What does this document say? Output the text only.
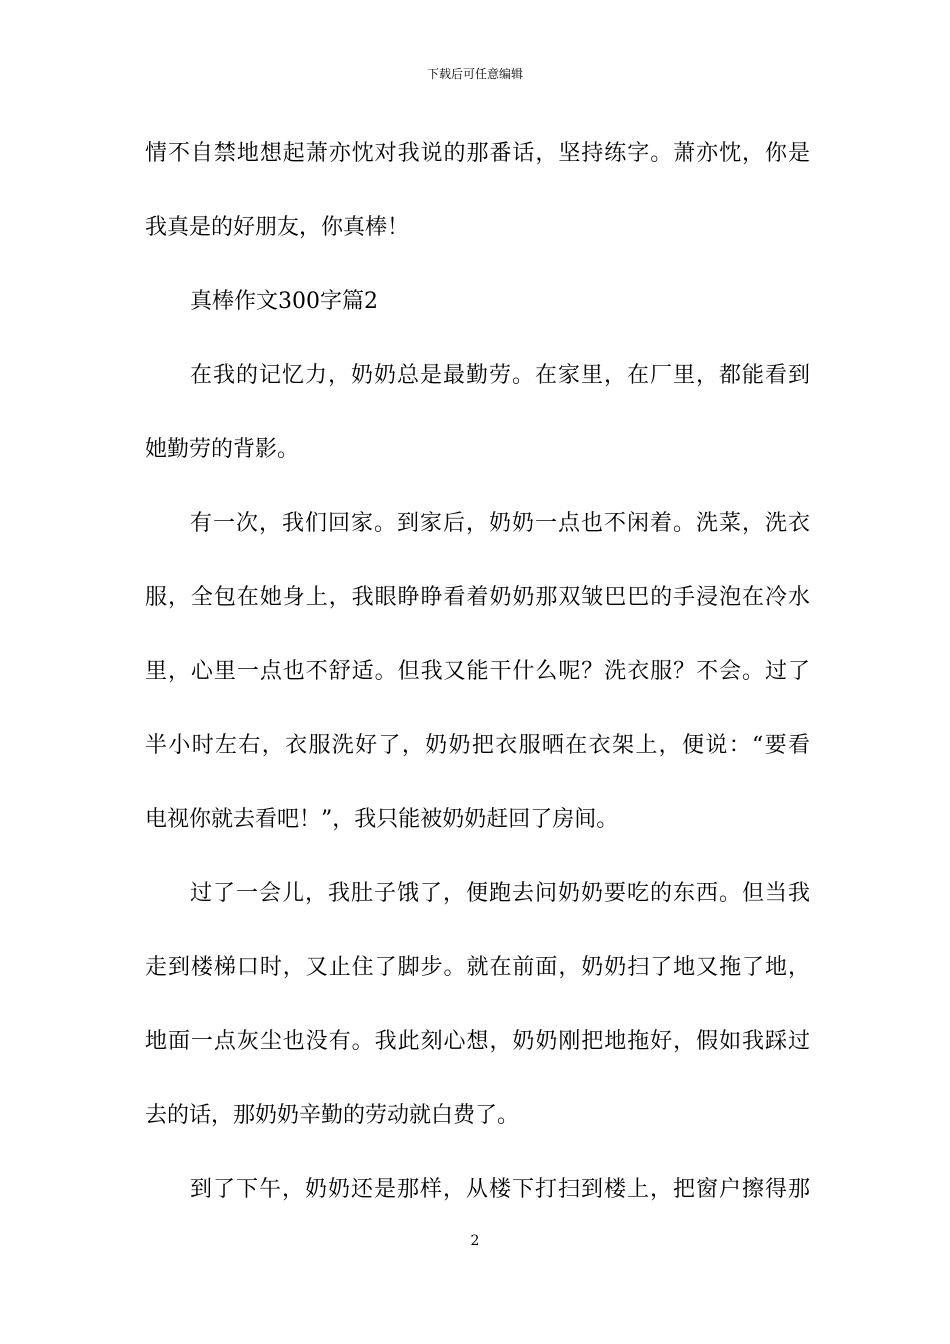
下载后可任意编辑
情不自禁地想起萧亦忱对我说的那番话，坚持练字。萧亦忱，你是
我真是的好朋友，你真棒！
真棒作文300字篇2
在我的记忆力，奶奶总是最勤劳。在家里，在厂里，都能看到
她勤劳的背影。
有一次，我们回家。到家后，奶奶一点也不闲着。洗菜，洗衣
服，全包在她身上，我眼睁睁看着奶奶那双皱巴巴的手浸泡在冷水
里，心里一点也不舒适。但我又能干什么呢？洗衣服？不会。过了
半小时左右，衣服洗好了，奶奶把衣服晒在衣架上，便说：“要看
电视你就去看吧！”，我只能被奶奶赶回了房间。
过了一会儿，我肚子饿了，便跑去问奶奶要吃的东西。但当我
走到楼梯口时，又止住了脚步。就在前面，奶奶扫了地又拖了地，
地面一点灰尘也没有。我此刻心想，奶奶刚把地拖好，假如我踩过
去的话，那奶奶辛勤的劳动就白费了。
到了下午，奶奶还是那样，从楼下打扫到楼上，把窗户擦得那
2
